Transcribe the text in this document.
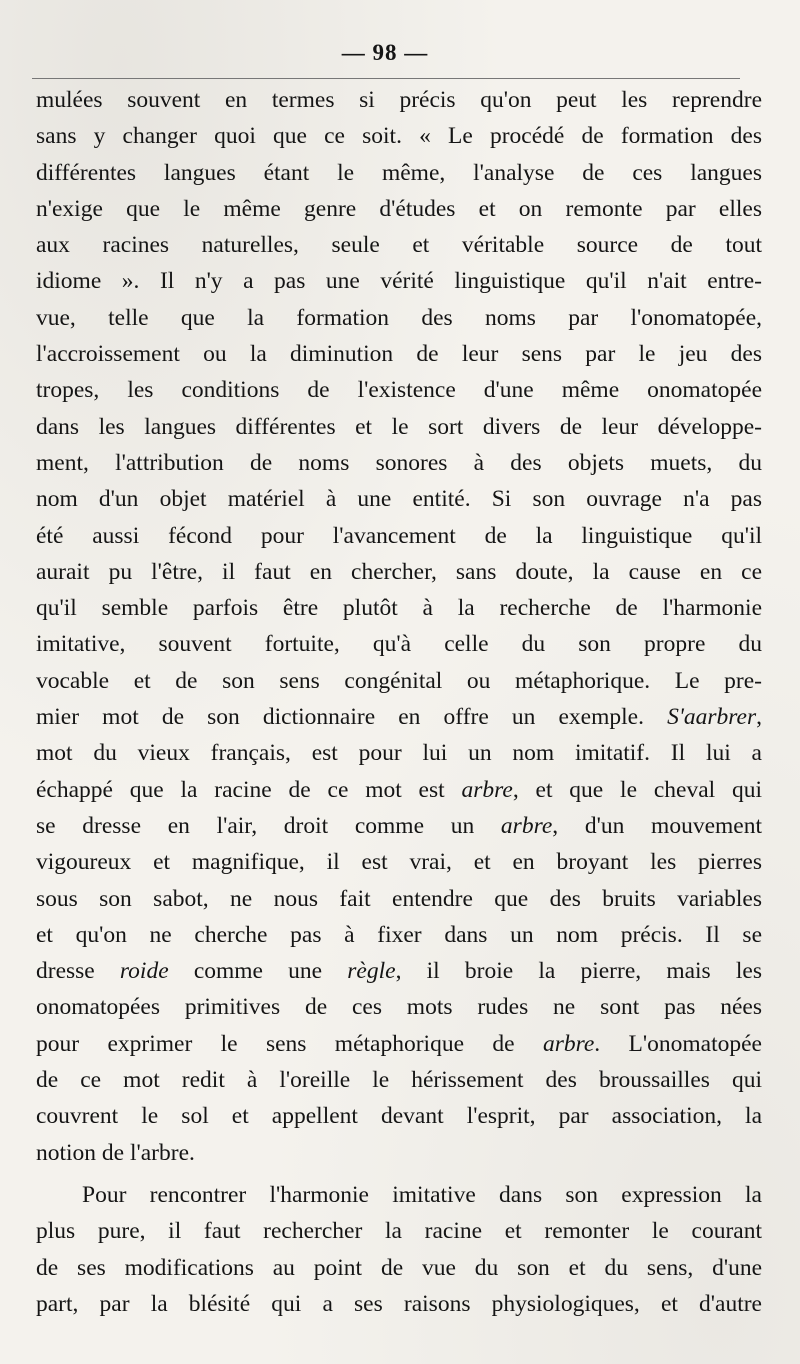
— 98 —
mulées souvent en termes si précis qu'on peut les reprendre
sans y changer quoi que ce soit. « Le procédé de formation des
différentes langues étant le même, l'analyse de ces langues
n'exige que le même genre d'études et on remonte par elles
aux racines naturelles, seule et véritable source de tout
idiome ». Il n'y a pas une vérité linguistique qu'il n'ait entre-
vue, telle que la formation des noms par l'onomatopée,
l'accroissement ou la diminution de leur sens par le jeu des
tropes, les conditions de l'existence d'une même onomatopée
dans les langues différentes et le sort divers de leur développe-
ment, l'attribution de noms sonores à des objets muets, du
nom d'un objet matériel à une entité. Si son ouvrage n'a pas
été aussi fécond pour l'avancement de la linguistique qu'il
aurait pu l'être, il faut en chercher, sans doute, la cause en ce
qu'il semble parfois être plutôt à la recherche de l'harmonie
imitative, souvent fortuite, qu'à celle du son propre du
vocable et de son sens congénital ou métaphorique. Le pre-
mier mot de son dictionnaire en offre un exemple. S'aarbrer,
mot du vieux français, est pour lui un nom imitatif. Il lui a
échappé que la racine de ce mot est arbre, et que le cheval qui
se dresse en l'air, droit comme un arbre, d'un mouvement
vigoureux et magnifique, il est vrai, et en broyant les pierres
sous son sabot, ne nous fait entendre que des bruits variables
et qu'on ne cherche pas à fixer dans un nom précis. Il se
dresse roide comme une règle, il broie la pierre, mais les
onomatopées primitives de ces mots rudes ne sont pas nées
pour exprimer le sens métaphorique de arbre. L'onomatopée
de ce mot redit à l'oreille le hérissement des broussailles qui
couvrent le sol et appellent devant l'esprit, par association, la
notion de l'arbre.
Pour rencontrer l'harmonie imitative dans son expression la
plus pure, il faut rechercher la racine et remonter le courant
de ses modifications au point de vue du son et du sens, d'une
part, par la blésité qui a ses raisons physiologiques, et d'autre
